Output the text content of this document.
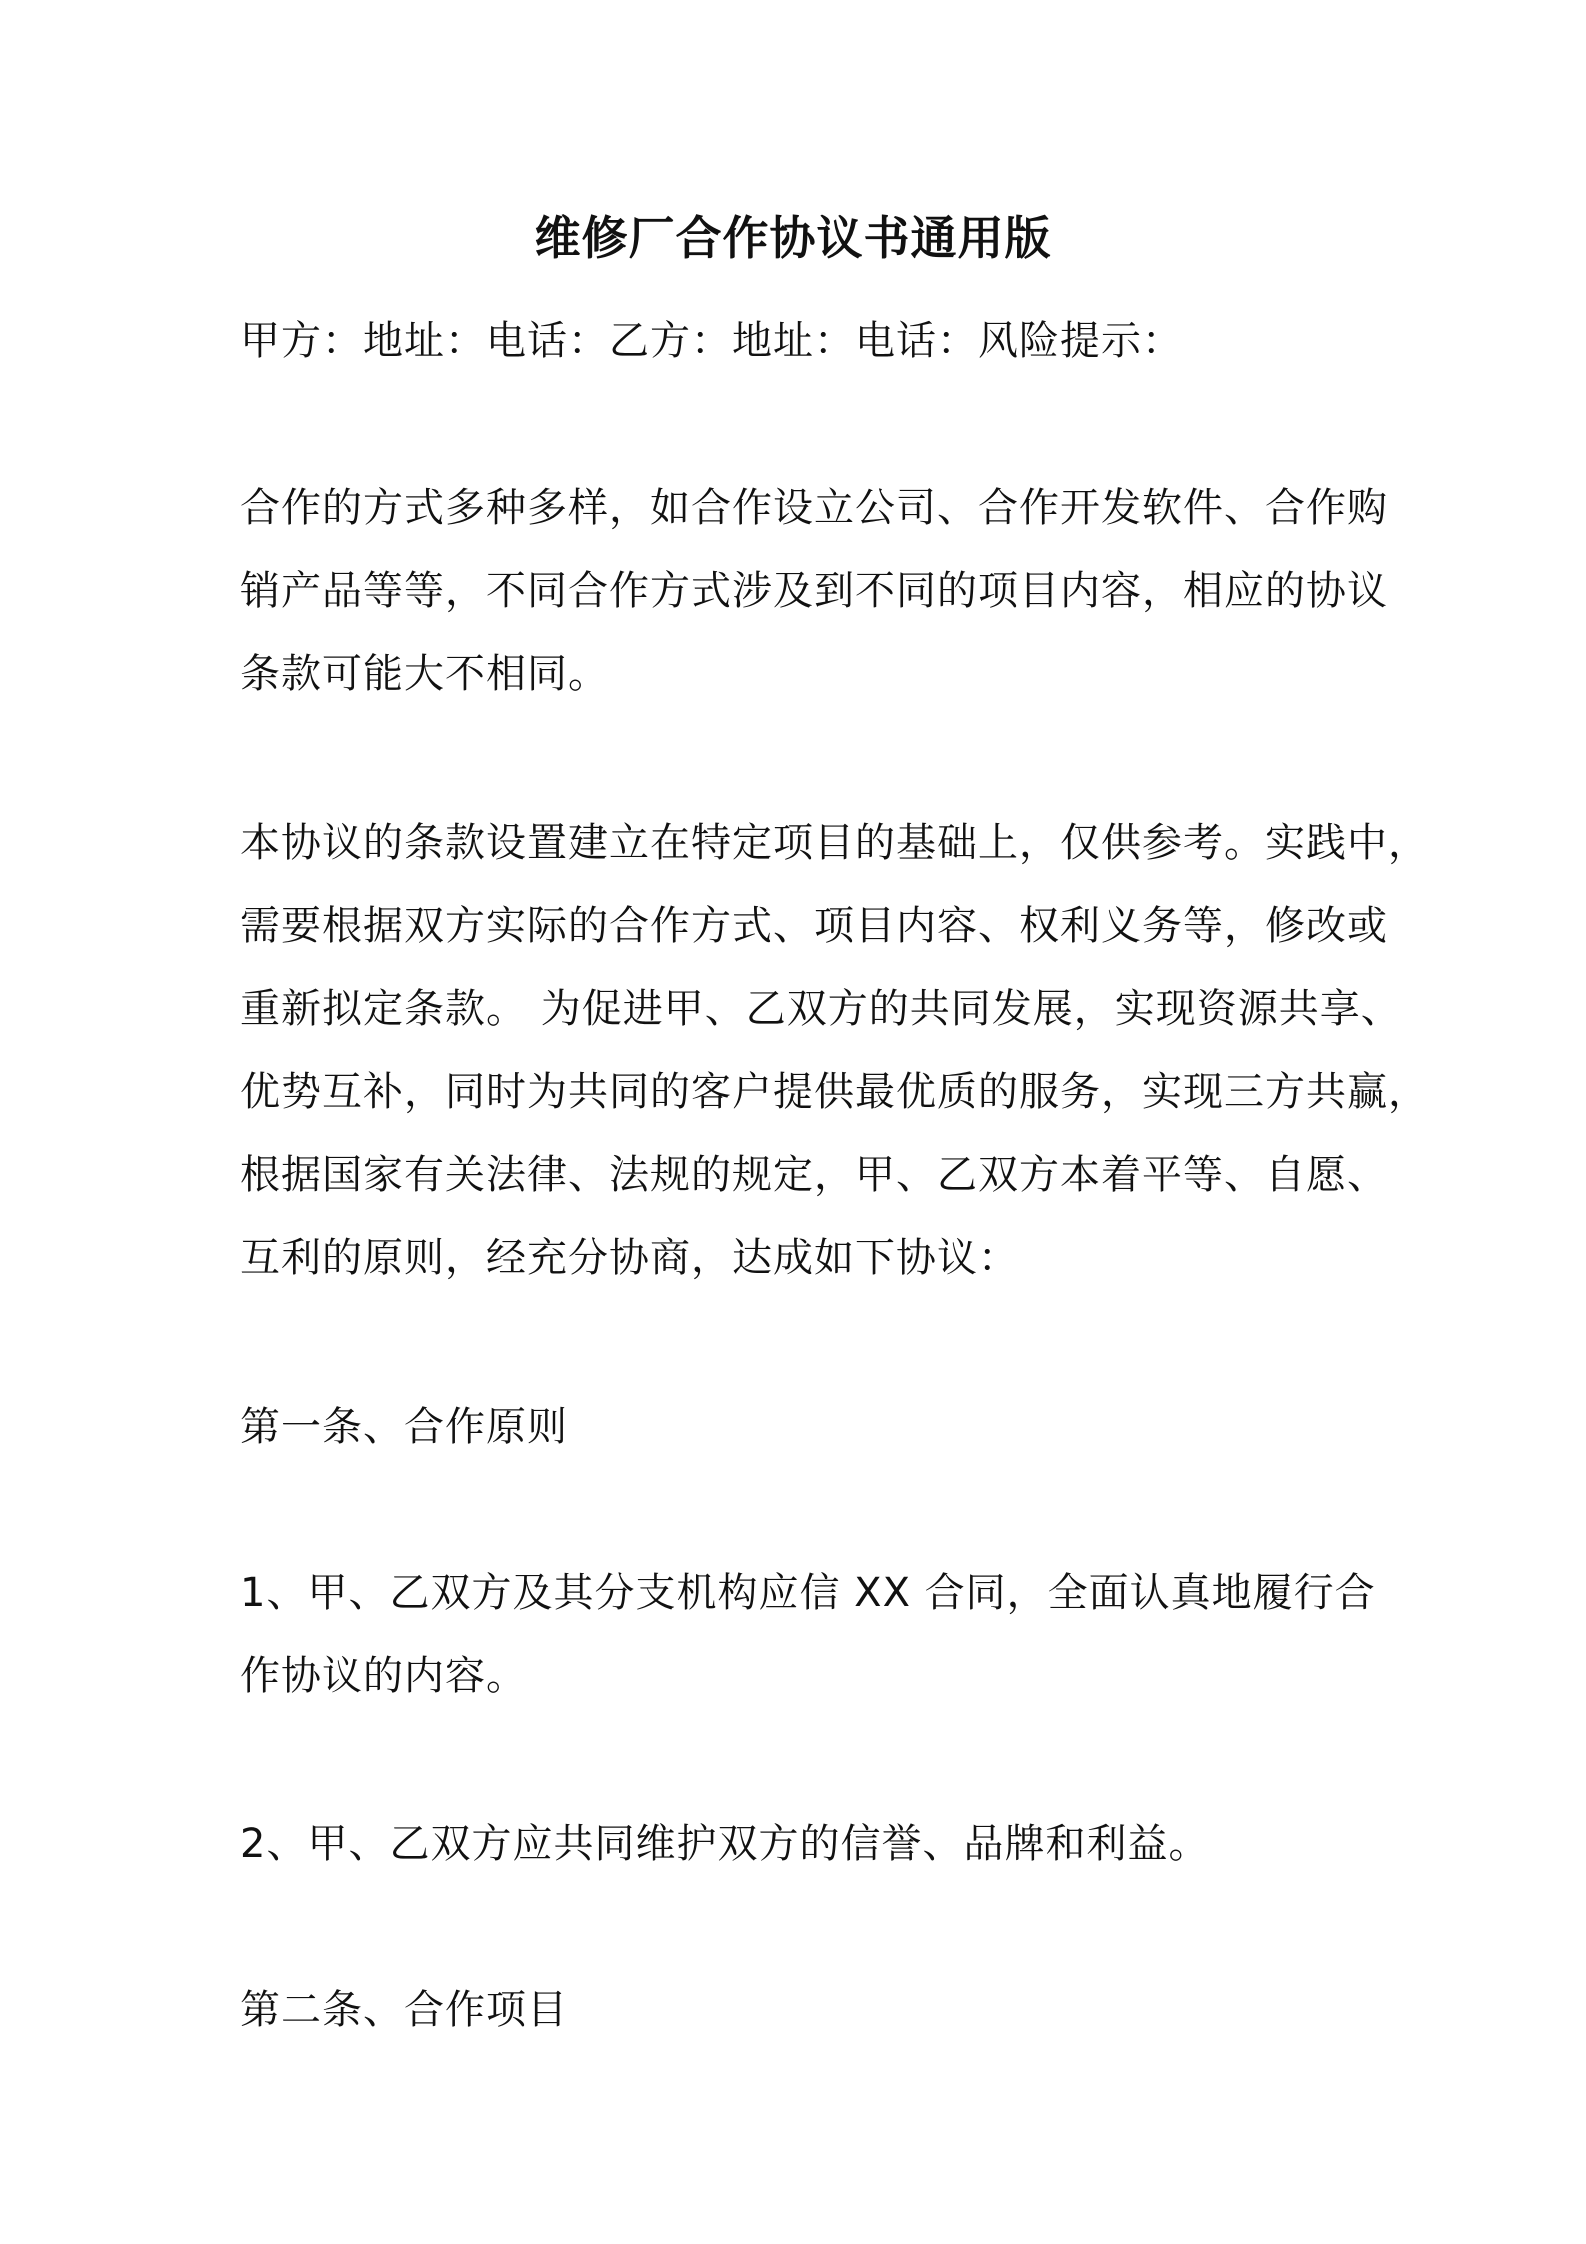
维修厂合作协议书通用版
甲方：地址：电话：乙方：地址：电话：风险提示：
合作的方式多种多样，如合作设立公司、合作开发软件、合作购
销产品等等，不同合作方式涉及到不同的项目内容，相应的协议
条款可能大不相同。
本协议的条款设置建立在特定项目的基础上，仅供参考。实践中，
需要根据双方实际的合作方式、项目内容、权利义务等，修改或
重新拟定条款。 为促进甲、乙双方的共同发展，实现资源共享、
优势互补，同时为共同的客户提供最优质的服务，实现三方共赢，
根据国家有关法律、法规的规定，甲、乙双方本着平等、自愿、
互利的原则，经充分协商，达成如下协议：
第一条、合作原则
1、甲、乙双方及其分支机构应信 XX 合同，全面认真地履行合
作协议的内容。
2、甲、乙双方应共同维护双方的信誉、品牌和利益。
第二条、合作项目
